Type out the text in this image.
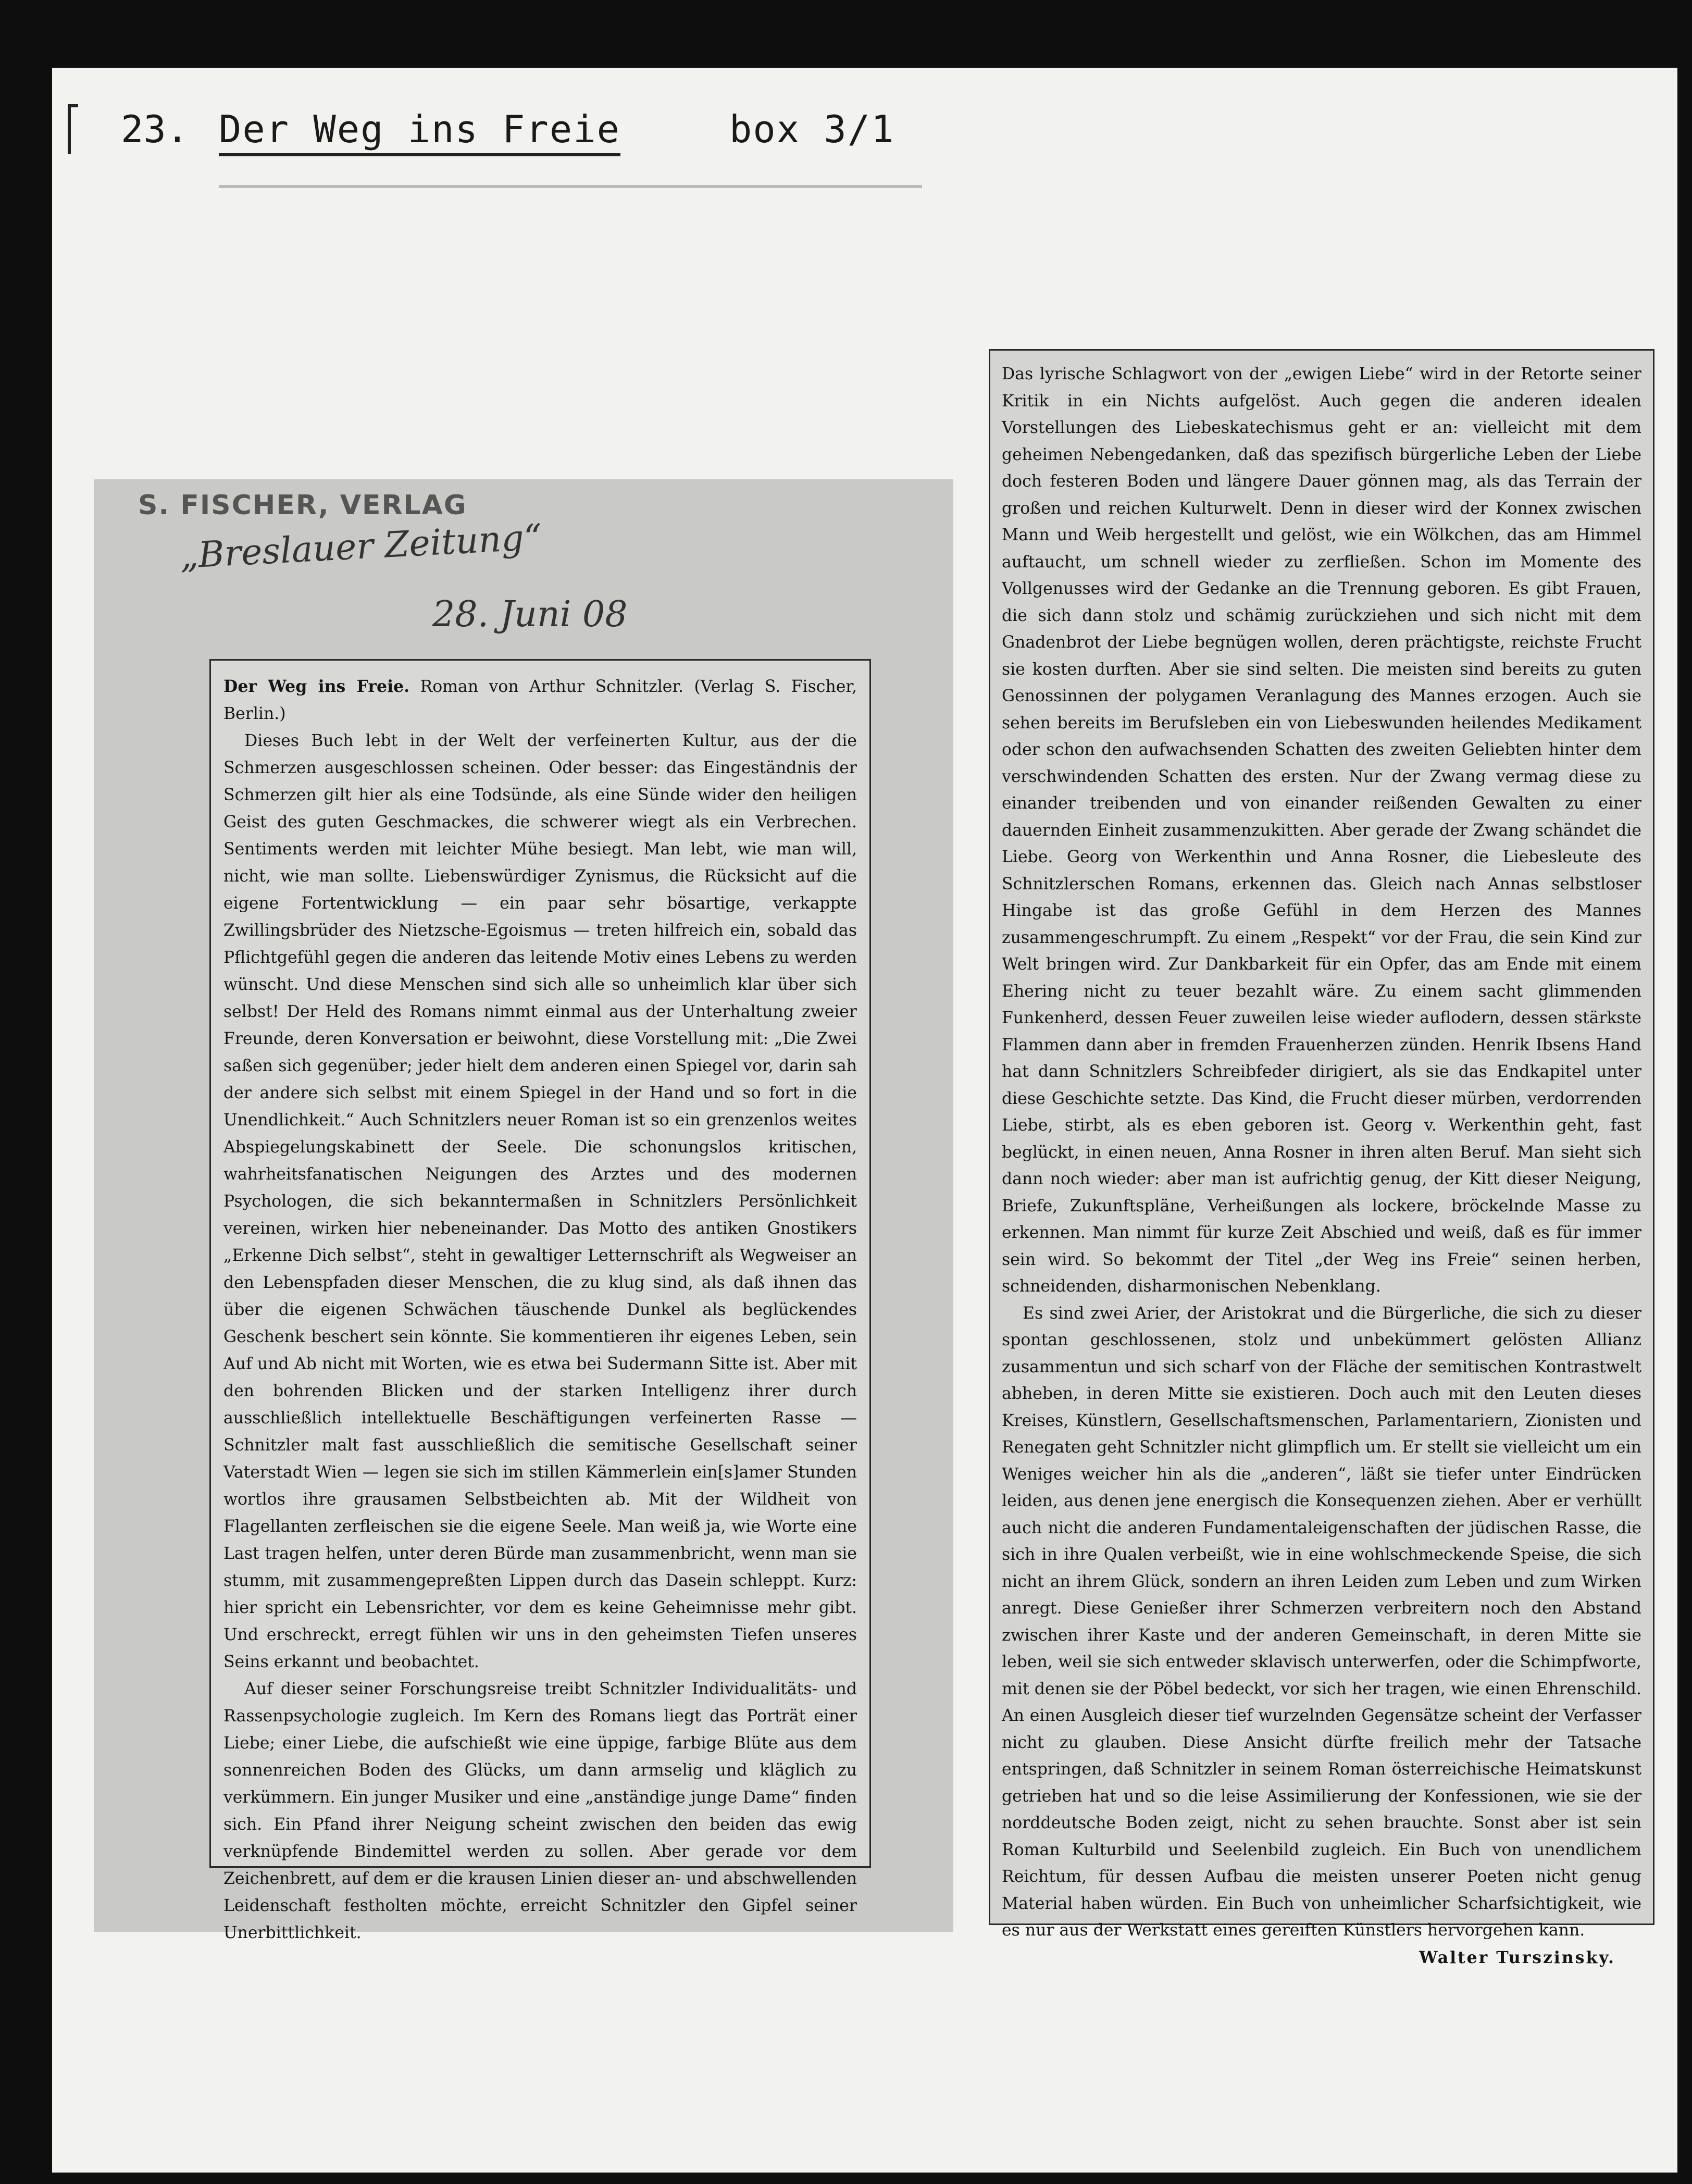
23. Der Weg ins Freie	box 3/1
S. FISCHER, VERLAG
„Breslauer Zeitung“
28. Juni 08

Der Weg ins Freie. Roman von Arthur Schnitzler. (Verlag S. Fischer, Berlin.)

Dieses Buch lebt in der Welt der verfeinerten Kultur, aus der die Schmerzen ausgeschlossen scheinen. Oder besser: das Eingeständnis der Schmerzen gilt hier als eine Todsünde, als eine Sünde wider den heiligen Geist des guten Geschmackes, die schwerer wiegt als ein Verbrechen. Sentiments werden mit leichter Mühe besiegt. Man lebt, wie man will, nicht, wie man sollte. Liebenswürdiger Zynismus, die Rücksicht auf die eigene Fortentwicklung — ein paar sehr bösartige, verkappte Zwillingsbrüder des Nietzsche-Egoismus — treten hilfreich ein, sobald das Pflichtgefühl gegen die anderen das leitende Motiv eines Lebens zu werden wünscht. Und diese Menschen sind sich alle so unheimlich klar über sich selbst! Der Held des Romans nimmt einmal aus der Unterhaltung zweier Freunde, deren Konversation er beiwohnt, diese Vorstellung mit: „Die Zwei saßen sich gegenüber; jeder hielt dem anderen einen Spiegel vor, darin sah der andere sich selbst mit einem Spiegel in der Hand und so fort in die Unendlichkeit.“ Auch Schnitzlers neuer Roman ist so ein grenzenlos weites Abspiegelungskabinett der Seele. Die schonungslos kritischen, wahrheitsfanatischen Neigungen des Arztes und des modernen Psychologen, die sich bekanntermaßen in Schnitzlers Persönlichkeit vereinen, wirken hier nebeneinander. Das Motto des antiken Gnostikers „Erkenne Dich selbst“, steht in gewaltiger Letternschrift als Wegweiser an den Lebenspfaden dieser Menschen, die zu klug sind, als daß ihnen das über die eigenen Schwächen täuschende Dunkel als beglückendes Geschenk beschert sein könnte. Sie kommentieren ihr eigenes Leben, sein Auf und Ab nicht mit Worten, wie es etwa bei Sudermann Sitte ist. Aber mit den bohrenden Blicken und der starken Intelligenz ihrer durch ausschließlich intellektuelle Beschäftigungen verfeinerten Rasse — Schnitzler malt fast ausschließlich die semitische Gesellschaft seiner Vaterstadt Wien — legen sie sich im stillen Kämmerlein ein[s]amer Stunden wortlos ihre grausamen Selbstbeichten ab. Mit der Wildheit von Flagellanten zerfleischen sie die eigene Seele. Man weiß ja, wie Worte eine Last tragen helfen, unter deren Bürde man zusammenbricht, wenn man sie stumm, mit zusammengepreßten Lippen durch das Dasein schleppt. Kurz: hier spricht ein Lebensrichter, vor dem es keine Geheimnisse mehr gibt. Und erschreckt, erregt fühlen wir uns in den geheimsten Tiefen unseres Seins erkannt und beobachtet.

Auf dieser seiner Forschungsreise treibt Schnitzler Individualitäts- und Rassenpsychologie zugleich. Im Kern des Romans liegt das Porträt einer Liebe; einer Liebe, die aufschießt wie eine üppige, farbige Blüte aus dem sonnenreichen Boden des Glücks, um dann armselig und kläglich zu verkümmern. Ein junger Musiker und eine „anständige junge Dame“ finden sich. Ein Pfand ihrer Neigung scheint zwischen den beiden das ewig verknüpfende Bindemittel werden zu sollen. Aber gerade vor dem Zeichenbrett, auf dem er die krausen Linien dieser an- und abschwellenden Leidenschaft festholten möchte, erreicht Schnitzler den Gipfel seiner Unerbittlichkeit.

Das lyrische Schlagwort von der „ewigen Liebe“ wird in der Retorte seiner Kritik in ein Nichts aufgelöst. Auch gegen die anderen idealen Vorstellungen des Liebeskatechismus geht er an: vielleicht mit dem geheimen Nebengedanken, daß das spezifisch bürgerliche Leben der Liebe doch festeren Boden und längere Dauer gönnen mag, als das Terrain der großen und reichen Kulturwelt. Denn in dieser wird der Konnex zwischen Mann und Weib hergestellt und gelöst, wie ein Wölkchen, das am Himmel auftaucht, um schnell wieder zu zerfließen. Schon im Momente des Vollgenusses wird der Gedanke an die Trennung geboren. Es gibt Frauen, die sich dann stolz und schämig zurückziehen und sich nicht mit dem Gnadenbrot der Liebe begnügen wollen, deren prächtigste, reichste Frucht sie kosten durften. Aber sie sind selten. Die meisten sind bereits zu guten Genossinnen der polygamen Veranlagung des Mannes erzogen. Auch sie sehen bereits im Berufsleben ein von Liebeswunden heilendes Medikament oder schon den aufwachsenden Schatten des zweiten Geliebten hinter dem verschwindenden Schatten des ersten. Nur der Zwang vermag diese zu einander treibenden und von einander reißenden Gewalten zu einer dauernden Einheit zusammenzukitten. Aber gerade der Zwang schändet die Liebe. Georg von Werkenthin und Anna Rosner, die Liebesleute des Schnitzlerschen Romans, erkennen das. Gleich nach Annas selbstloser Hingabe ist das große Gefühl in dem Herzen des Mannes zusammengeschrumpft. Zu einem „Respekt“ vor der Frau, die sein Kind zur Welt bringen wird. Zur Dankbarkeit für ein Opfer, das am Ende mit einem Ehering nicht zu teuer bezahlt wäre. Zu einem sacht glimmenden Funkenherd, dessen Feuer zuweilen leise wieder auflodern, dessen stärkste Flammen dann aber in fremden Frauenherzen zünden. Henrik Ibsens Hand hat dann Schnitzlers Schreibfeder dirigiert, als sie das Endkapitel unter diese Geschichte setzte. Das Kind, die Frucht dieser mürben, verdorrenden Liebe, stirbt, als es eben geboren ist. Georg v. Werkenthin geht, fast beglückt, in einen neuen, Anna Rosner in ihren alten Beruf. Man sieht sich dann noch wieder: aber man ist aufrichtig genug, der Kitt dieser Neigung, Briefe, Zukunftspläne, Verheißungen als lockere, bröckelnde Masse zu erkennen. Man nimmt für kurze Zeit Abschied und weiß, daß es für immer sein wird. So bekommt der Titel „der Weg ins Freie“ seinen herben, schneidenden, disharmonischen Nebenklang.

Es sind zwei Arier, der Aristokrat und die Bürgerliche, die sich zu dieser spontan geschlossenen, stolz und unbekümmert gelösten Allianz zusammentun und sich scharf von der Fläche der semitischen Kontrastwelt abheben, in deren Mitte sie existieren. Doch auch mit den Leuten dieses Kreises, Künstlern, Gesellschaftsmenschen, Parlamentariern, Zionisten und Renegaten geht Schnitzler nicht glimpflich um. Er stellt sie vielleicht um ein Weniges weicher hin als die „anderen“, läßt sie tiefer unter Eindrücken leiden, aus denen jene energisch die Konsequenzen ziehen. Aber er verhüllt auch nicht die anderen Fundamentaleigenschaften der jüdischen Rasse, die sich in ihre Qualen verbeißt, wie in eine wohlschmeckende Speise, die sich nicht an ihrem Glück, sondern an ihren Leiden zum Leben und zum Wirken anregt. Diese Genießer ihrer Schmerzen verbreitern noch den Abstand zwischen ihrer Kaste und der anderen Gemeinschaft, in deren Mitte sie leben, weil sie sich entweder sklavisch unterwerfen, oder die Schimpfworte, mit denen sie der Pöbel bedeckt, vor sich her tragen, wie einen Ehrenschild. An einen Ausgleich dieser tief wurzelnden Gegensätze scheint der Verfasser nicht zu glauben. Diese Ansicht dürfte freilich mehr der Tatsache entspringen, daß Schnitzler in seinem Roman österreichische Heimatskunst getrieben hat und so die leise Assimilierung der Konfessionen, wie sie der norddeutsche Boden zeigt, nicht zu sehen brauchte. Sonst aber ist sein Roman Kulturbild und Seelenbild zugleich. Ein Buch von unendlichem Reichtum, für dessen Aufbau die meisten unserer Poeten nicht genug Material haben würden. Ein Buch von unheimlicher Scharfsichtigkeit, wie es nur aus der Werkstatt eines gereiften Künstlers hervorgehen kann.

Walter Turszinsky.
